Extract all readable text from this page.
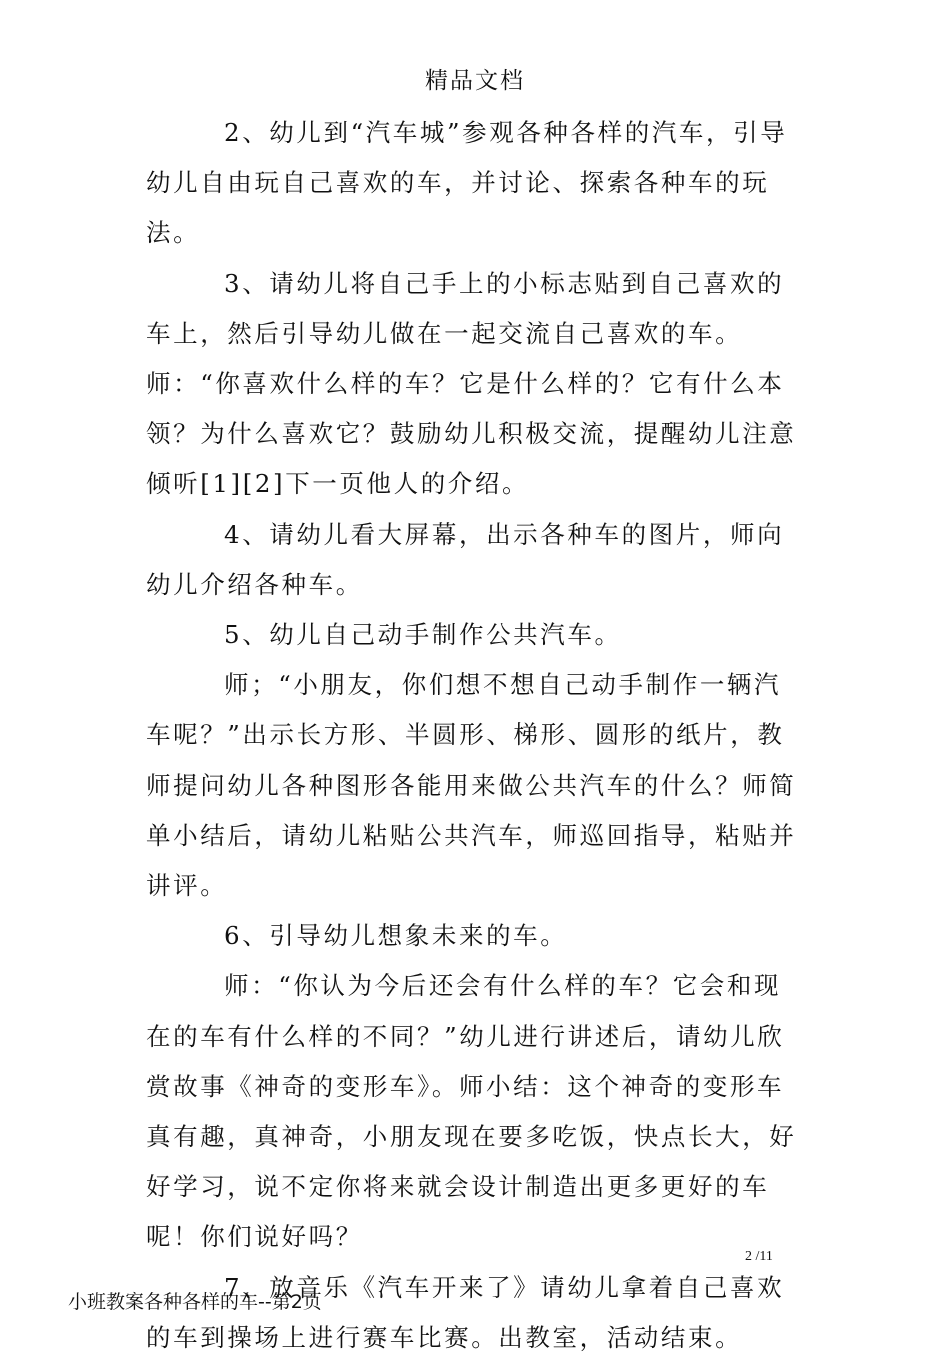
精品文档

2、幼儿到“汽车城”参观各种各样的汽车，引导幼儿自由玩自己喜欢的车，并讨论、探索各种车的玩法。

3、请幼儿将自己手上的小标志贴到自己喜欢的车上，然后引导幼儿做在一起交流自己喜欢的车。师：“你喜欢什么样的车？它是什么样的？它有什么本领？为什么喜欢它？鼓励幼儿积极交流，提醒幼儿注意倾听[1][2]下一页他人的介绍。

4、请幼儿看大屏幕，出示各种车的图片，师向幼儿介绍各种车。

5、幼儿自己动手制作公共汽车。

师；“小朋友，你们想不想自己动手制作一辆汽车呢？”出示长方形、半圆形、梯形、圆形的纸片，教师提问幼儿各种图形各能用来做公共汽车的什么？师简单小结后，请幼儿粘贴公共汽车，师巡回指导，粘贴并讲评。

6、引导幼儿想象未来的车。

师：“你认为今后还会有什么样的车？它会和现在的车有什么样的不同？”幼儿进行讲述后，请幼儿欣赏故事《神奇的变形车》。师小结：这个神奇的变形车真有趣，真神奇，小朋友现在要多吃饭，快点长大，好好学习，说不定你将来就会设计制造出更多更好的车呢！你们说好吗？

7、放音乐《汽车开来了》请幼儿拿着自己喜欢的车到操场上进行赛车比赛。出教室，活动结束。

2 /11
小班教案各种各样的车--第2页
